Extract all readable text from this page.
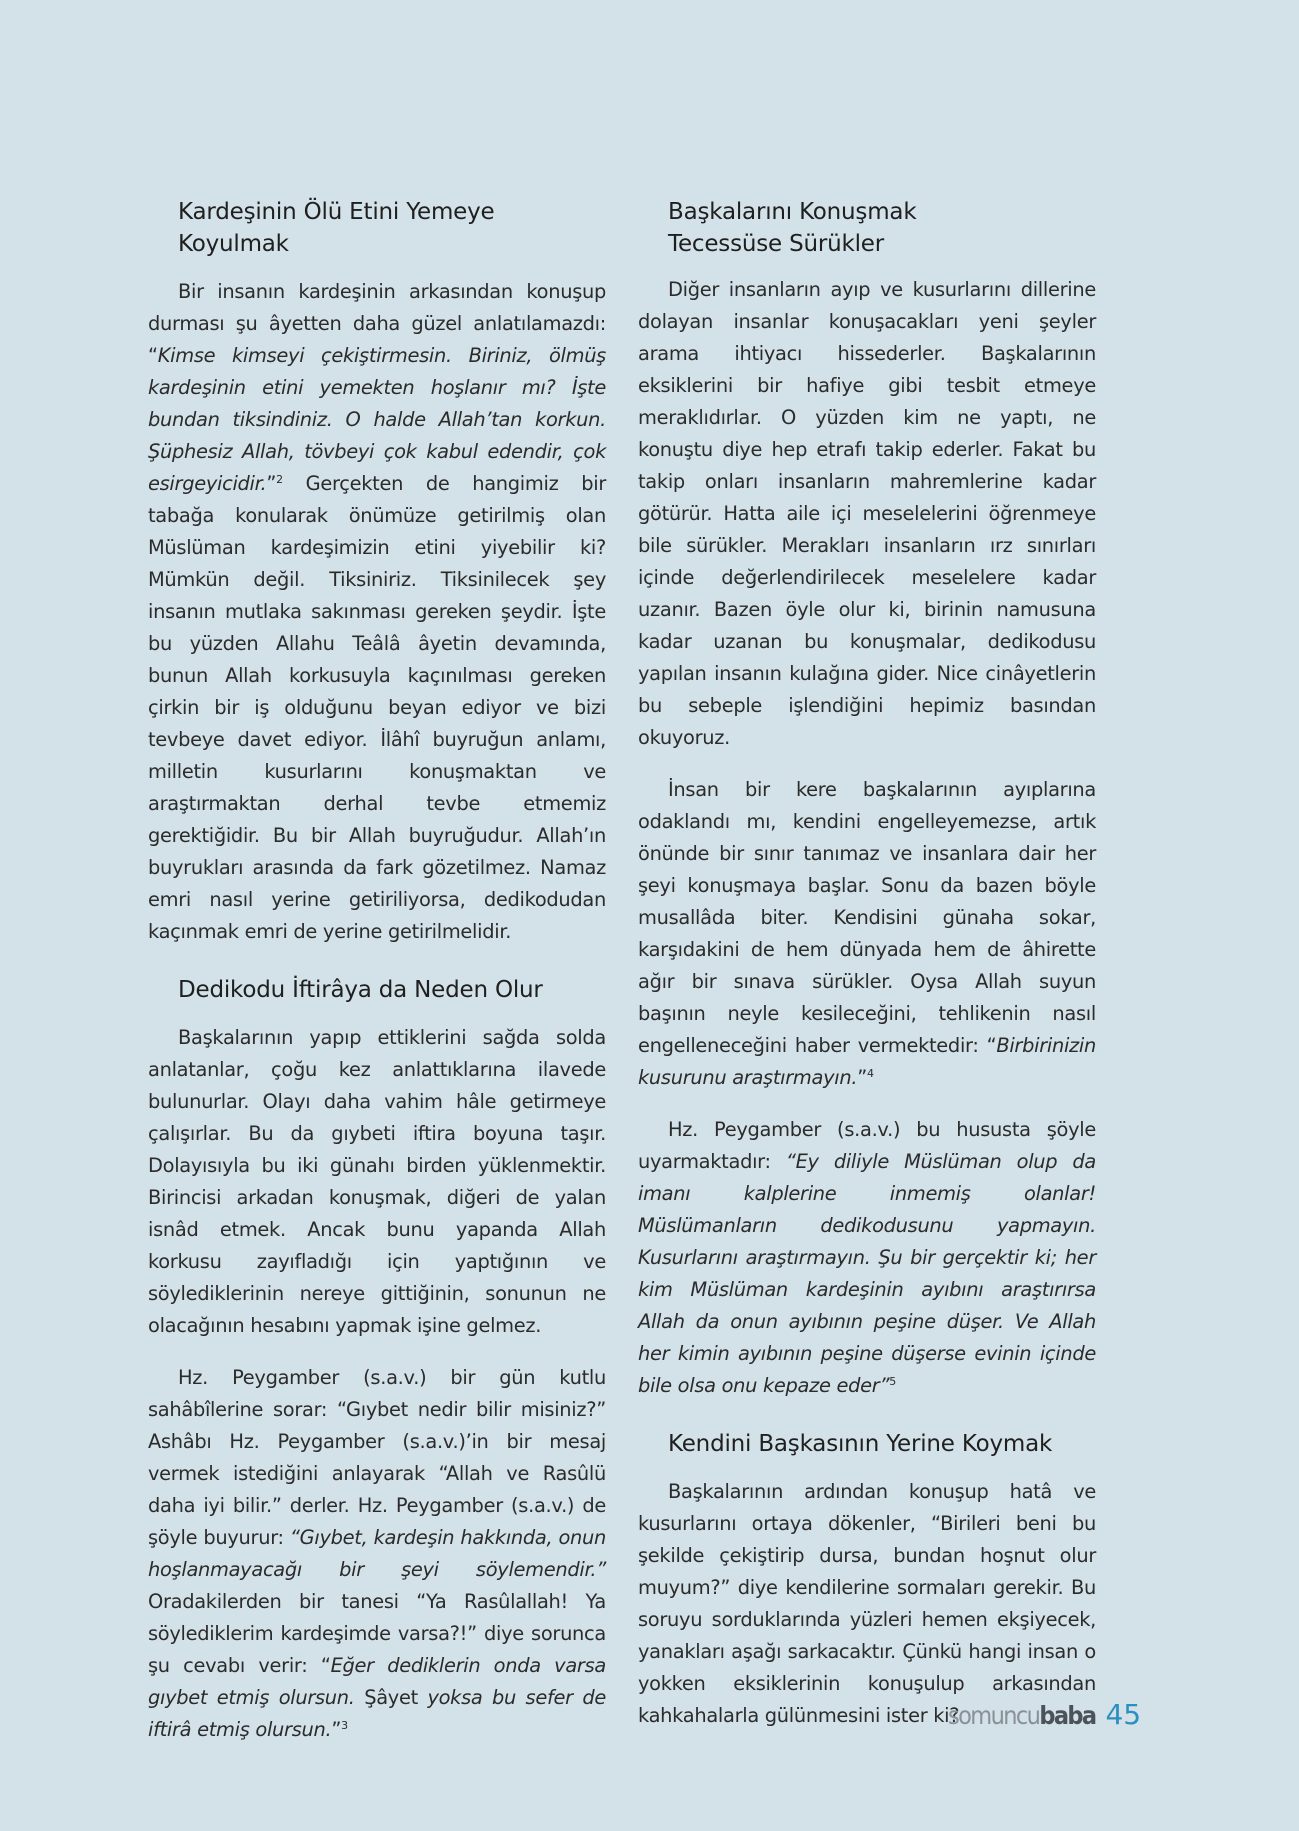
Kardeşinin Ölü Etini Yemeye Koyulmak

Bir insanın kardeşinin arkasından konuşup durması şu âyetten daha güzel anlatılamazdı: “Kimse kimseyi çekiştirmesin. Biriniz, ölmüş kardeşinin etini yemekten hoşlanır mı? İşte bundan tiksindiniz. O halde Allah’tan korkun. Şüphesiz Allah, tövbeyi çok kabul edendir, çok esirgeyicidir.”$^2$ Gerçekten de hangimiz bir tabağa konularak önümüze getirilmiş olan Müslüman kardeşimizin etini yiyebilir ki? Mümkün değil. Tiksiniriz. Tiksinilecek şey insanın mutlaka sakınması gereken şeydir. İşte bu yüzden Allahu Teâlâ âyetin devamında, bunun Allah korkusuyla kaçınılması gereken çirkin bir iş olduğunu beyan ediyor ve bizi tevbeye davet ediyor. İlâhî buyruğun anlamı, milletin kusurlarını konuşmaktan ve araştırmaktan derhal tevbe etmemiz gerektiğidir. Bu bir Allah buyruğudur. Allah’ın buyrukları arasında da fark gözetilmez. Namaz emri nasıl yerine getiriliyorsa, dedikodudan kaçınmak emri de yerine getirilmelidir.

Dedikodu İftirâya da Neden Olur

Başkalarının yapıp ettiklerini sağda solda anlatanlar, çoğu kez anlattıklarına ilavede bulunurlar. Olayı daha vahim hâle getirmeye çalışırlar. Bu da gıybeti iftira boyuna taşır. Dolayısıyla bu iki günahı birden yüklenmektir. Birincisi arkadan konuşmak, diğeri de yalan isnâd etmek. Ancak bunu yapanda Allah korkusu zayıfladığı için yaptığının ve söylediklerinin nereye gittiğinin, sonunun ne olacağının hesabını yapmak işine gelmez.

Hz. Peygamber (s.a.v.) bir gün kutlu sahâbîlerine sorar: “Gıybet nedir bilir misiniz?” Ashâbı Hz. Peygamber (s.a.v.)’in bir mesaj vermek istediğini anlayarak “Allah ve Rasûlü daha iyi bilir.” derler. Hz. Peygamber (s.a.v.) de şöyle buyurur: “Gıybet, kardeşin hakkında, onun hoşlanmayacağı bir şeyi söylemendir.” Oradakilerden bir tanesi “Ya Rasûlallah! Ya söylediklerim kardeşimde varsa?!” diye sorunca şu cevabı verir: “Eğer dediklerin onda varsa gıybet etmiş olursun. Şâyet yoksa bu sefer de iftirâ etmiş olursun.”$^3$

Başkalarını Konuşmak
Tecessüse Sürükler

Diğer insanların ayıp ve kusurlarını dillerine dolayan insanlar konuşacakları yeni şeyler arama ihtiyacı hissederler. Başkalarının eksiklerini bir hafiye gibi tesbit etmeye meraklıdırlar. O yüzden kim ne yaptı, ne konuştu diye hep etrafı takip ederler. Fakat bu takip onları insanların mahremlerine kadar götürür. Hatta aile içi meselelerini öğrenmeye bile sürükler. Merakları insanların ırz sınırları içinde değerlendirilecek meselelere kadar uzanır. Bazen öyle olur ki, birinin namusuna kadar uzanan bu konuşmalar, dedikodusu yapılan insanın kulağına gider. Nice cinâyetlerin bu sebeple işlendiğini hepimiz basından okuyoruz.

İnsan bir kere başkalarının ayıplarına odaklandı mı, kendini engelleyemezse, artık önünde bir sınır tanımaz ve insanlara dair her şeyi konuşmaya başlar. Sonu da bazen böyle musallâda biter. Kendisini günaha sokar, karşıdakini de hem dünyada hem de âhirette ağır bir sınava sürükler. Oysa Allah suyun başının neyle kesileceğini, tehlikenin nasıl engelleneceğini haber vermektedir: “Birbirinizin kusurunu araştırmayın.”$^4$

Hz. Peygamber (s.a.v.) bu hususta şöyle uyarmaktadır: “Ey diliyle Müslüman olup da imanı kalplerine inmemiş olanlar! Müslümanların dedikodusunu yapmayın. Kusurlarını araştırmayın. Şu bir gerçektir ki; her kim Müslüman kardeşinin ayıbını araştırırsa Allah da onun ayıbının peşine düşer. Ve Allah her kimin ayıbının peşine düşerse evinin içinde bile olsa onu kepaze eder”$^5$

Kendini Başkasının Yerine Koymak

Başkalarının ardından konuşup hatâ ve kusurlarını ortaya dökenler, “Birileri beni bu şekilde çekiştirip dursa, bundan hoşnut olur muyum?” diye kendilerine sormaları gerekir. Bu soruyu sorduklarında yüzleri hemen ekşiyecek, yanakları aşağı sarkacaktır. Çünkü hangi insan o yokken eksiklerinin konuşulup arkasından kahkahalarla gülünmesini ister ki?

somuncubaba 45
